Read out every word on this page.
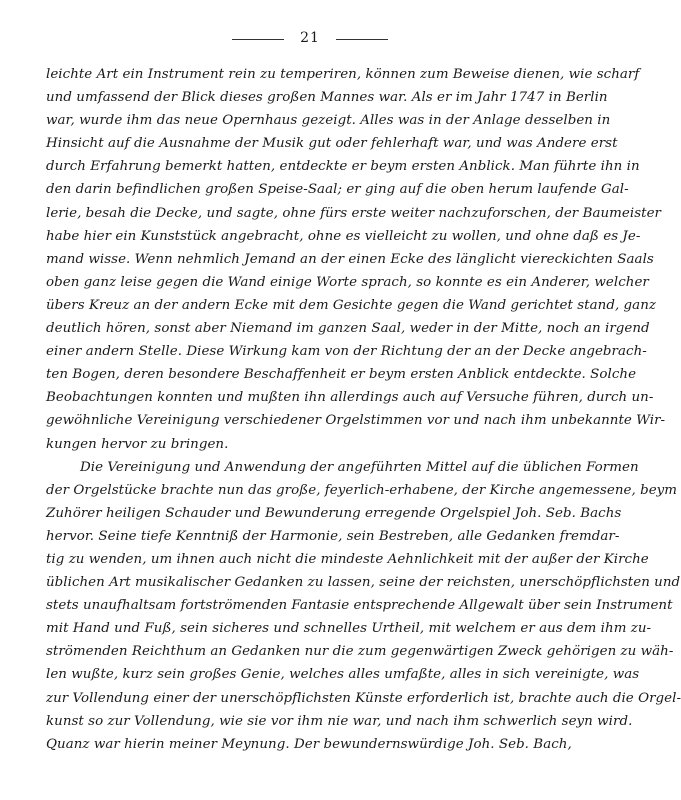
21
leichte Art ein Instrument rein zu temperiren, können zum Beweise dienen, wie scharf
und umfassend der Blick dieses großen Mannes war. Als er im Jahr 1747 in Berlin
war, wurde ihm das neue Opernhaus gezeigt. Alles was in der Anlage desselben in
Hinsicht auf die Ausnahme der Musik gut oder fehlerhaft war, und was Andere erst
durch Erfahrung bemerkt hatten, entdeckte er beym ersten Anblick. Man führte ihn in
den darin befindlichen großen Speise-Saal; er ging auf die oben herum laufende Gal-
lerie, besah die Decke, und sagte, ohne fürs erste weiter nachzuforschen, der Baumeister
habe hier ein Kunststück angebracht, ohne es vielleicht zu wollen, und ohne daß es Je-
mand wisse. Wenn nehmlich Jemand an der einen Ecke des länglicht viereckichten Saals
oben ganz leise gegen die Wand einige Worte sprach, so konnte es ein Anderer, welcher
übers Kreuz an der andern Ecke mit dem Gesichte gegen die Wand gerichtet stand, ganz
deutlich hören, sonst aber Niemand im ganzen Saal, weder in der Mitte, noch an irgend
einer andern Stelle. Diese Wirkung kam von der Richtung der an der Decke angebrach-
ten Bogen, deren besondere Beschaffenheit er beym ersten Anblick entdeckte. Solche
Beobachtungen konnten und mußten ihn allerdings auch auf Versuche führen, durch un-
gewöhnliche Vereinigung verschiedener Orgelstimmen vor und nach ihm unbekannte Wir-
kungen hervor zu bringen.
Die Vereinigung und Anwendung der angeführten Mittel auf die üblichen Formen
der Orgelstücke brachte nun das große, feyerlich-erhabene, der Kirche angemessene, beym
Zuhörer heiligen Schauder und Bewunderung erregende Orgelspiel Joh. Seb. Bachs
hervor. Seine tiefe Kenntniß der Harmonie, sein Bestreben, alle Gedanken fremdar-
tig zu wenden, um ihnen auch nicht die mindeste Aehnlichkeit mit der außer der Kirche
üblichen Art musikalischer Gedanken zu lassen, seine der reichsten, unerschöpflichsten und
stets unaufhaltsam fortströmenden Fantasie entsprechende Allgewalt über sein Instrument
mit Hand und Fuß, sein sicheres und schnelles Urtheil, mit welchem er aus dem ihm zu-
strömenden Reichthum an Gedanken nur die zum gegenwärtigen Zweck gehörigen zu wäh-
len wußte, kurz sein großes Genie, welches alles umfaßte, alles in sich vereinigte, was
zur Vollendung einer der unerschöpflichsten Künste erforderlich ist, brachte auch die Orgel-
kunst so zur Vollendung, wie sie vor ihm nie war, und nach ihm schwerlich seyn wird.
Quanz war hierin meiner Meynung. Der bewundernswürdige Joh. Seb. Bach,
